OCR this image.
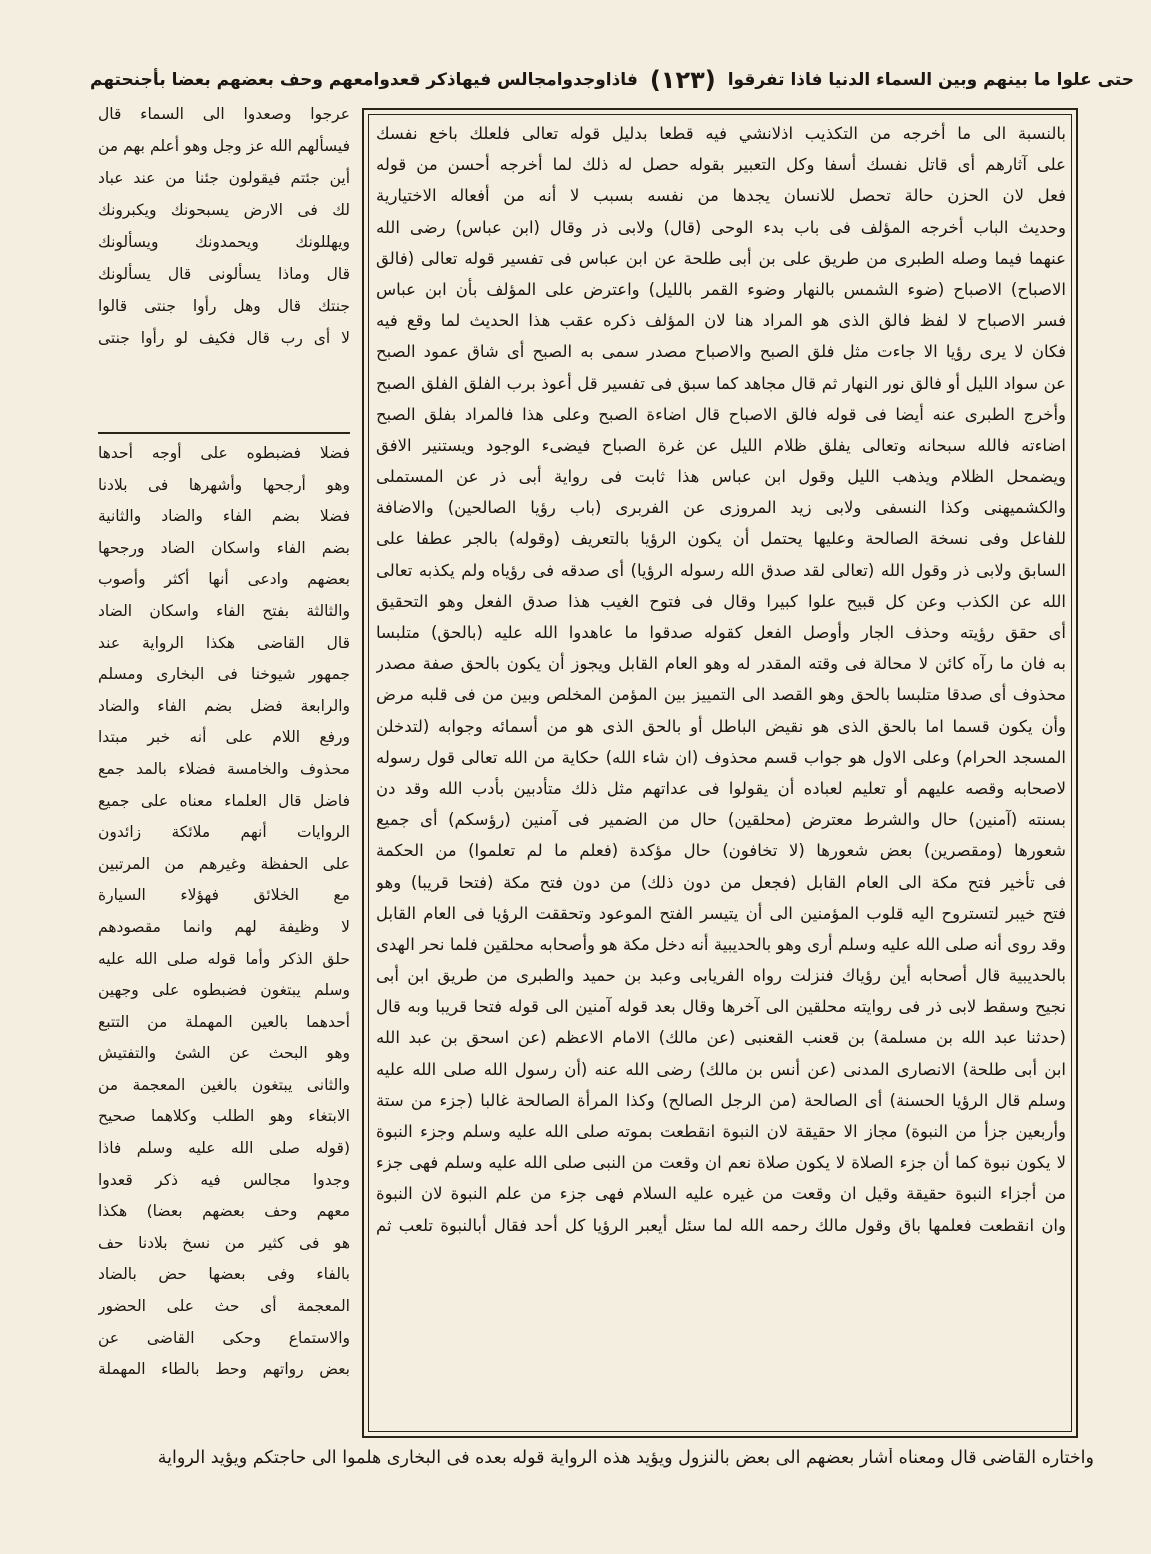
فاذاوجدوامجالس فيهاذكر قعدوامعهم وحف بعضهم بعضا بأجنحتهم (١٢٣) حتى علوا ما بينهم وبين السماء الدنيا فاذا تفرقوا
بالنسبة الى ما أخرجه من التكذيب اذلانشي فيه قطعا بدليل قوله تعالى فلعلك باخع نفسك
على آثارهم أى قاتل نفسك أسفا وكل التعبير بقوله حصل له ذلك لما أخرجه أحسن من قوله
فعل لان الحزن حالة تحصل للانسان يجدها من نفسه بسبب لا أنه من أفعاله الاختيارية
وحديث الباب أخرجه المؤلف فى باب بدء الوحى (قال) ولابى ذر وقال (ابن عباس) رضى الله
عنهما فيما وصله الطبرى من طريق على بن أبى طلحة عن ابن عباس فى تفسير قوله تعالى (فالق
الاصباح) الاصباح (ضوء الشمس بالنهار وضوء القمر بالليل) واعترض على المؤلف بأن ابن عباس
فسر الاصباح لا لفظ فالق الذى هو المراد هنا لان المؤلف ذكره عقب هذا الحديث لما وقع فيه
فكان لا يرى رؤيا الا جاءت مثل فلق الصبح والاصباح مصدر سمى به الصبح أى شاق عمود الصبح
عن سواد الليل أو فالق نور النهار ثم قال مجاهد كما سبق فى تفسير قل أعوذ برب الفلق الفلق الصبح
وأخرج الطبرى عنه أيضا فى قوله فالق الاصباح قال اضاءة الصبح وعلى هذا فالمراد بفلق الصبح
اضاءته فالله سبحانه وتعالى يفلق ظلام الليل عن غرة الصباح فيضىء الوجود ويستنير الافق
ويضمحل الظلام ويذهب الليل وقول ابن عباس هذا ثابت فى رواية أبى ذر عن المستملى
والكشميهنى وكذا النسفى ولابى زيد المروزى عن الفربرى (باب رؤيا الصالحين) والاضافة
للفاعل وفى نسخة الصالحة وعليها يحتمل أن يكون الرؤيا بالتعريف (وقوله) بالجر عطفا على
السابق ولابى ذر وقول الله (تعالى لقد صدق الله رسوله الرؤيا) أى صدقه فى رؤياه ولم يكذبه تعالى
الله عن الكذب وعن كل قبيح علوا كبيرا وقال فى فتوح الغيب هذا صدق الفعل وهو التحقيق
أى حقق رؤيته وحذف الجار وأوصل الفعل كقوله صدقوا ما عاهدوا الله عليه (بالحق) متلبسا
به فان ما رآه كائن لا محالة فى وقته المقدر له وهو العام القابل ويجوز أن يكون بالحق صفة مصدر
محذوف أى صدقا متلبسا بالحق وهو القصد الى التمييز بين المؤمن المخلص وبين من فى قلبه مرض
وأن يكون قسما اما بالحق الذى هو نقيض الباطل أو بالحق الذى هو من أسمائه وجوابه (لتدخلن
المسجد الحرام) وعلى الاول هو جواب قسم محذوف (ان شاء الله) حكاية من الله تعالى قول رسوله
لاصحابه وقصه عليهم أو تعليم لعباده أن يقولوا فى عداتهم مثل ذلك متأدبين بأدب الله وقد دن
بسنته (آمنين) حال والشرط معترض (محلقين) حال من الضمير فى آمنين (رؤسكم) أى جميع
شعورها (ومقصرين) بعض شعورها (لا تخافون) حال مؤكدة (فعلم ما لم تعلموا) من الحكمة
فى تأخير فتح مكة الى العام القابل (فجعل من دون ذلك) من دون فتح مكة (فتحا قريبا) وهو
فتح خيبر لتستروح اليه قلوب المؤمنين الى أن يتيسر الفتح الموعود وتحققت الرؤيا فى العام القابل
وقد روى أنه صلى الله عليه وسلم أرى وهو بالحديبية أنه دخل مكة هو وأصحابه محلقين فلما نحر الهدى
بالحديبية قال أصحابه أين رؤياك فنزلت رواه الفريابى وعبد بن حميد والطبرى من طريق ابن أبى
نجيح وسقط لابى ذر فى روايته محلقين الى آخرها وقال بعد قوله آمنين الى قوله فتحا قريبا وبه قال
(حدثنا عبد الله بن مسلمة) بن قعنب القعنبى (عن مالك) الامام الاعظم (عن اسحق بن عبد الله
ابن أبى طلحة) الانصارى المدنى (عن أنس بن مالك) رضى الله عنه (أن رسول الله صلى الله عليه
وسلم قال الرؤيا الحسنة) أى الصالحة (من الرجل الصالح) وكذا المرأة الصالحة غالبا (جزء من ستة
وأربعين جزأ من النبوة) مجاز الا حقيقة لان النبوة انقطعت بموته صلى الله عليه وسلم وجزء النبوة
لا يكون نبوة كما أن جزء الصلاة لا يكون صلاة نعم ان وقعت من النبى صلى الله عليه وسلم فهى جزء
من أجزاء النبوة حقيقة وقيل ان وقعت من غيره عليه السلام فهى جزء من علم النبوة لان النبوة
وان انقطعت فعلمها باق وقول مالك رحمه الله لما سئل أيعبر الرؤيا كل أحد فقال أبالنبوة تلعب ثم
عرجوا وصعدوا الى السماء قال
فيسألهم الله عز وجل وهو أعلم بهم من
أين جئتم فيقولون جئنا من عند عباد
لك فى الارض يسبحونك ويكبرونك
ويهللونك ويحمدونك ويسألونك
قال وماذا يسألونى قال يسألونك
جنتك قال وهل رأوا جنتى قالوا
لا أى رب قال فكيف لو رأوا جنتى
فضلا فضبطوه على أوجه أحدها
وهو أرجحها وأشهرها فى بلادنا
فضلا بضم الفاء والضاد والثانية
بضم الفاء واسكان الضاد ورجحها
بعضهم وادعى أنها أكثر وأصوب
والثالثة بفتح الفاء واسكان الضاد
قال القاضى هكذا الرواية عند
جمهور شيوخنا فى البخارى ومسلم
والرابعة فضل بضم الفاء والضاد
ورفع اللام على أنه خبر مبتدا
محذوف والخامسة فضلاء بالمد جمع
فاضل قال العلماء معناه على جميع
الروايات أنهم ملائكة زائدون
على الحفظة وغيرهم من المرتبين
مع الخلائق فهؤلاء السيارة
لا وظيفة لهم وانما مقصودهم
حلق الذكر وأما قوله صلى الله عليه
وسلم يبتغون فضبطوه على وجهين
أحدهما بالعين المهملة من التتبع
وهو البحث عن الشئ والتفتيش
والثانى يبتغون بالغين المعجمة من
الابتغاء وهو الطلب وكلاهما صحيح
(قوله صلى الله عليه وسلم فاذا
وجدوا مجالس فيه ذكر قعدوا
معهم وحف بعضهم بعضا) هكذا
هو فى كثير من نسخ بلادنا حف
بالفاء وفى بعضها حض بالضاد
المعجمة أى حث على الحضور
والاستماع وحكى القاضى عن
بعض رواتهم وحط بالطاء المهملة
واختاره القاضى قال ومعناه أشار بعضهم الى بعض بالنزول ويؤيد هذه الرواية قوله بعده فى البخارى هلموا الى حاجتكم ويؤيد الرواية
